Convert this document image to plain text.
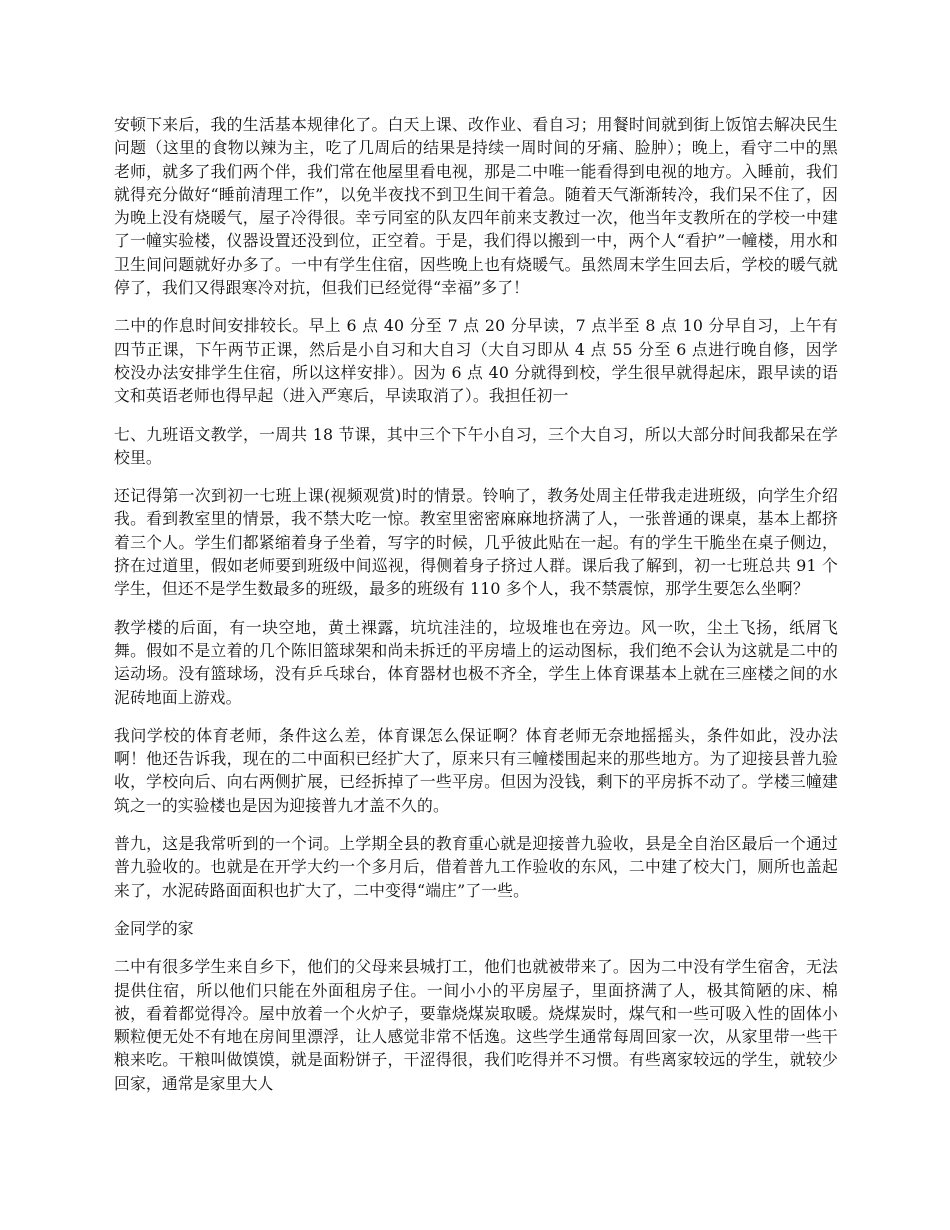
安顿下来后，我的生活基本规律化了。白天上课、改作业、看自习；用餐时间就到街上饭馆去解决民生问题（这里的食物以辣为主，吃了几周后的结果是持续一周时间的牙痛、脸肿）；晚上，看守二中的黑老师，就多了我们两个伴，我们常在他屋里看电视，那是二中唯一能看得到电视的地方。入睡前，我们就得充分做好“睡前清理工作”，以免半夜找不到卫生间干着急。随着天气渐渐转冷，我们呆不住了，因为晚上没有烧暖气，屋子冷得很。幸亏同室的队友四年前来支教过一次，他当年支教所在的学校一中建了一幢实验楼，仪器设置还没到位，正空着。于是，我们得以搬到一中，两个人“看护”一幢楼，用水和卫生间问题就好办多了。一中有学生住宿，因些晚上也有烧暖气。虽然周末学生回去后，学校的暖气就停了，我们又得跟寒冷对抗，但我们已经觉得“幸福”多了！

二中的作息时间安排较长。早上 6 点 40 分至 7 点 20 分早读，7 点半至 8 点 10 分早自习，上午有四节正课，下午两节正课，然后是小自习和大自习（大自习即从 4 点 55 分至 6 点进行晚自修，因学校没办法安排学生住宿，所以这样安排）。因为 6 点 40 分就得到校，学生很早就得起床，跟早读的语文和英语老师也得早起（进入严寒后，早读取消了）。我担任初一

七、九班语文教学，一周共 18 节课，其中三个下午小自习，三个大自习，所以大部分时间我都呆在学校里。

还记得第一次到初一七班上课(视频观赏)时的情景。铃响了，教务处周主任带我走进班级，向学生介绍我。看到教室里的情景，我不禁大吃一惊。教室里密密麻麻地挤满了人，一张普通的课桌，基本上都挤着三个人。学生们都紧缩着身子坐着，写字的时候，几乎彼此贴在一起。有的学生干脆坐在桌子侧边，挤在过道里，假如老师要到班级中间巡视，得侧着身子挤过人群。课后我了解到，初一七班总共 91 个学生，但还不是学生数最多的班级，最多的班级有 110 多个人，我不禁震惊，那学生要怎么坐啊？

教学楼的后面，有一块空地，黄土裸露，坑坑洼洼的，垃圾堆也在旁边。风一吹，尘土飞扬，纸屑飞舞。假如不是立着的几个陈旧篮球架和尚未拆迁的平房墙上的运动图标，我们绝不会认为这就是二中的运动场。没有篮球场，没有乒乓球台，体育器材也极不齐全，学生上体育课基本上就在三座楼之间的水泥砖地面上游戏。

我问学校的体育老师，条件这么差，体育课怎么保证啊？体育老师无奈地摇摇头，条件如此，没办法啊！他还告诉我，现在的二中面积已经扩大了，原来只有三幢楼围起来的那些地方。为了迎接县普九验收，学校向后、向右两侧扩展，已经拆掉了一些平房。但因为没钱，剩下的平房拆不动了。学楼三幢建筑之一的实验楼也是因为迎接普九才盖不久的。

普九，这是我常听到的一个词。上学期全县的教育重心就是迎接普九验收，县是全自治区最后一个通过普九验收的。也就是在开学大约一个多月后，借着普九工作验收的东风，二中建了校大门，厕所也盖起来了，水泥砖路面面积也扩大了，二中变得“端庄”了一些。

金同学的家

二中有很多学生来自乡下，他们的父母来县城打工，他们也就被带来了。因为二中没有学生宿舍，无法提供住宿，所以他们只能在外面租房子住。一间小小的平房屋子，里面挤满了人，极其简陋的床、棉被，看着都觉得冷。屋中放着一个火炉子，要靠烧煤炭取暖。烧煤炭时，煤气和一些可吸入性的固体小颗粒便无处不有地在房间里漂浮，让人感觉非常不恬逸。这些学生通常每周回家一次，从家里带一些干粮来吃。干粮叫做馍馍，就是面粉饼子，干涩得很，我们吃得并不习惯。有些离家较远的学生，就较少回家，通常是家里大人
